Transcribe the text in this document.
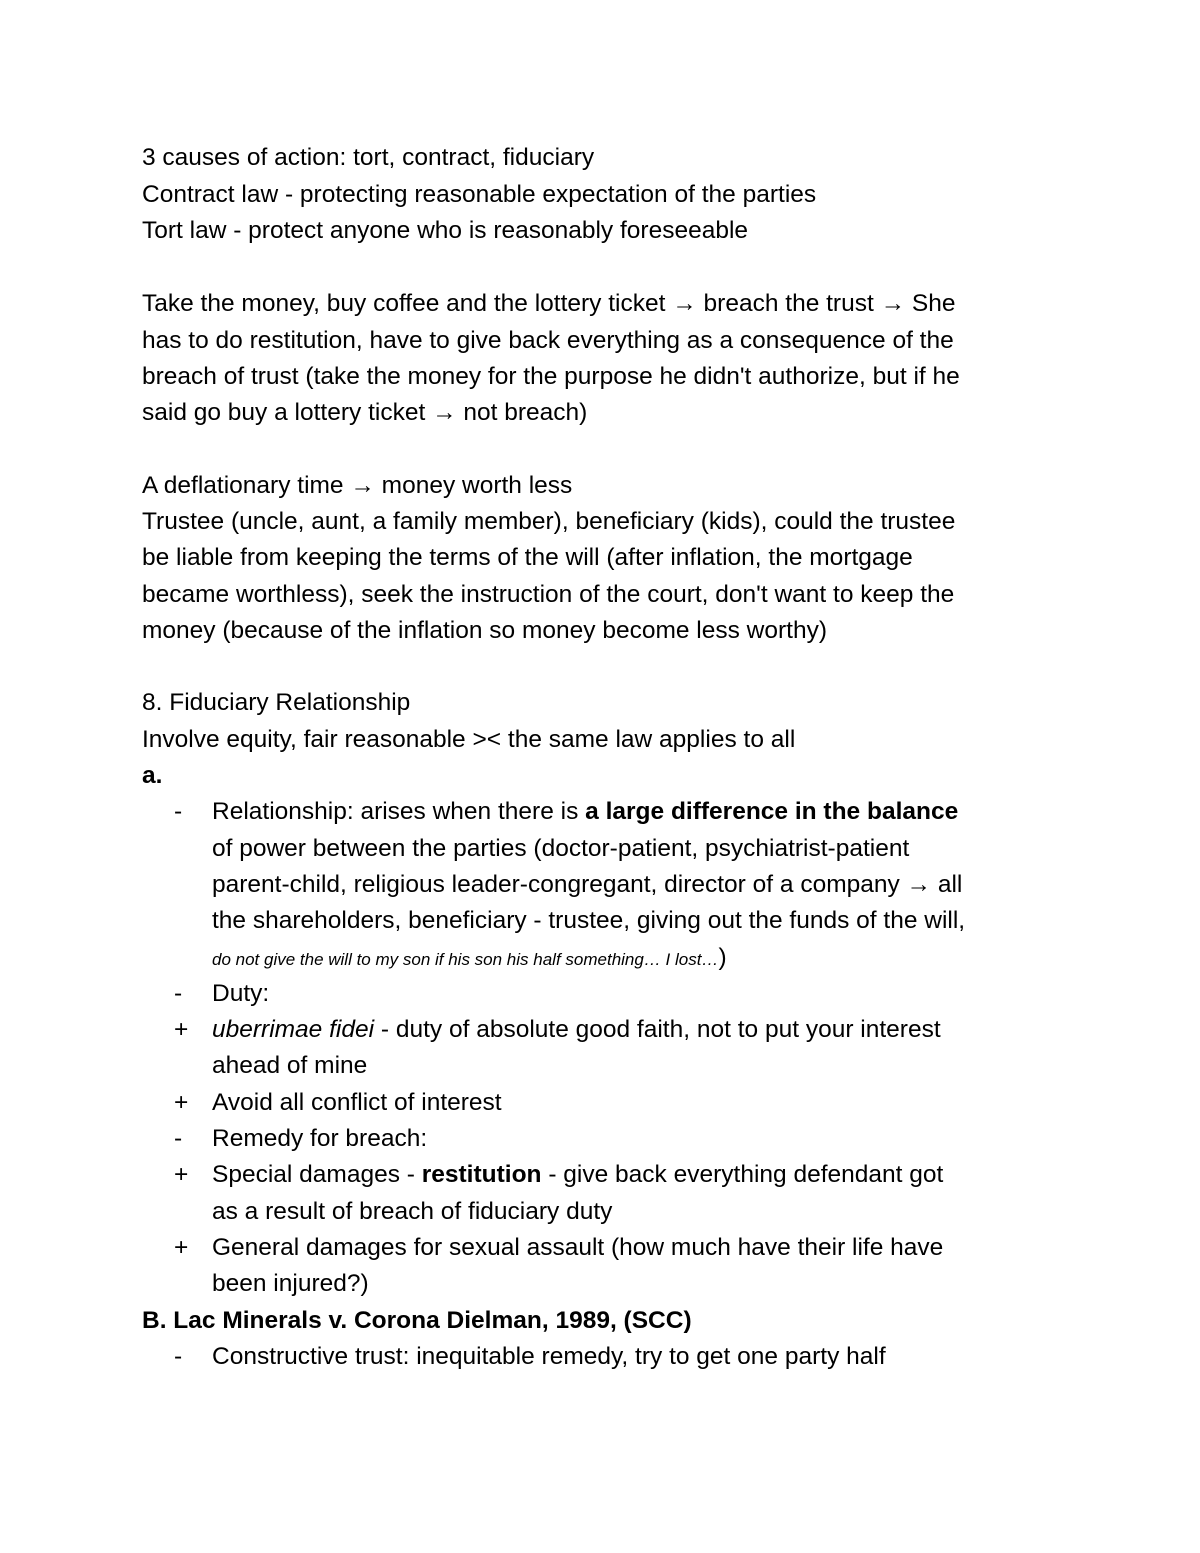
3 causes of action: tort, contract, fiduciary
Contract law - protecting reasonable expectation of the parties
Tort law - protect anyone who is reasonably foreseeable
Take the money, buy coffee and the lottery ticket → breach the trust → She
has to do restitution, have to give back everything as a consequence of the
breach of trust (take the money for the purpose he didn't authorize, but if he
said go buy a lottery ticket → not breach)
A deflationary time → money worth less
Trustee (uncle, aunt, a family member), beneficiary (kids), could the trustee
be liable from keeping the terms of the will (after inflation, the mortgage
became worthless), seek the instruction of the court, don't want to keep the
money (because of the inflation so money become less worthy)
8. Fiduciary Relationship
Involve equity, fair reasonable >< the same law applies to all
a.
-	Relationship: arises when there is a large difference in the balance
of power between the parties (doctor-patient, psychiatrist-patient
parent-child, religious leader-congregant, director of a company → all
the shareholders, beneficiary - trustee, giving out the funds of the will,
do not give the will to my son if his son his half something… I lost…)
-	Duty:
+ uberrimae fidei - duty of absolute good faith, not to put your interest
ahead of mine
+ Avoid all conflict of interest
-	Remedy for breach:
+ Special damages - restitution - give back everything defendant got
as a result of breach of fiduciary duty
+ General damages for sexual assault (how much have their life have
been injured?)
B. Lac Minerals v. Corona Dielman, 1989, (SCC)
-	Constructive trust: inequitable remedy, try to get one party half
